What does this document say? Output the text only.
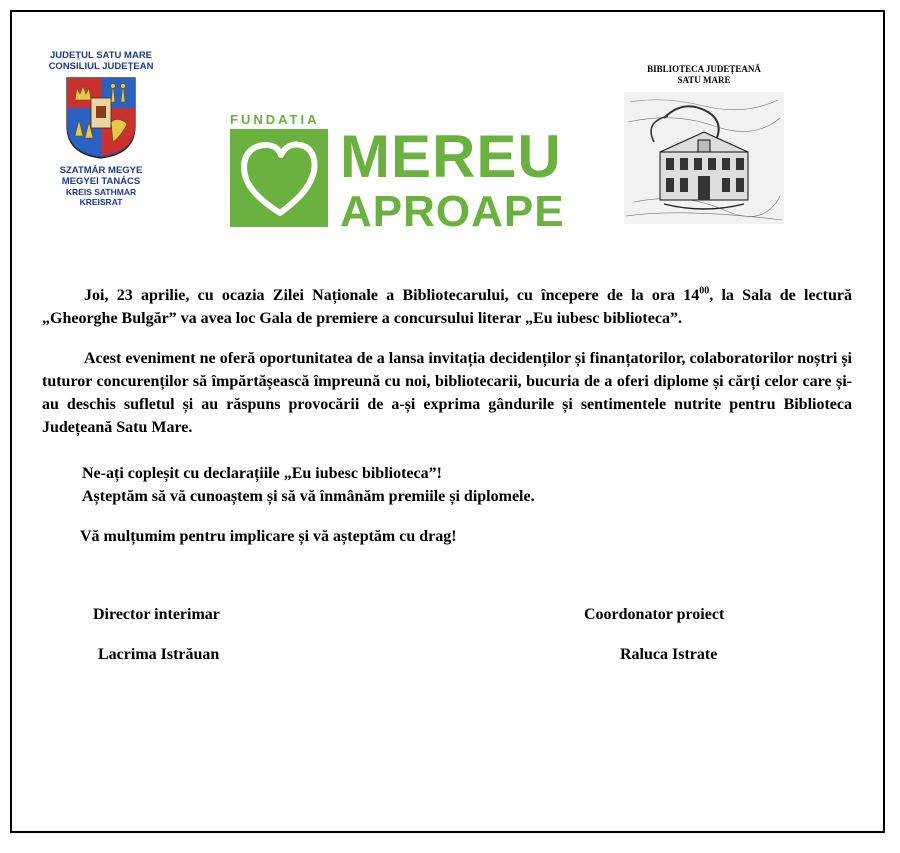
JUDEȚUL SATU MARE
CONSILIUL JUDEȚEAN
SZATMÁR MEGYE
MEGYEI TANÁCS
KREIS SATHMAR
KREISRAT
FUNDATIA
MEREU
APROAPE
BIBLIOTECA JUDEȚEANĂ
SATU MARE
Joi, 23 aprilie, cu ocazia Zilei Naționale a Bibliotecarului, cu începere de la ora $14^{00}$, la Sala de lectură „Gheorghe Bulgăr” va avea loc Gala de premiere a concursului literar „Eu iubesc biblioteca”.
Acest eveniment ne oferă oportunitatea de a lansa invitația decidenților și finanțatorilor, colaboratorilor noștri și tuturor concurenților să împărtășească împreună cu noi, bibliotecarii, bucuria de a oferi diplome și cărți celor care și-au deschis sufletul și au răspuns provocării de a-și exprima gândurile și sentimentele nutrite pentru Biblioteca Județeană Satu Mare.
Ne-ați copleșit cu declarațiile „Eu iubesc biblioteca”!
Așteptăm să vă cunoaștem și să vă înmânăm premiile și diplomele.
Vă mulțumim pentru implicare și vă așteptăm cu drag!
Director interimar
Lacrima Istrăuan
Coordonator proiect
Raluca Istrate
